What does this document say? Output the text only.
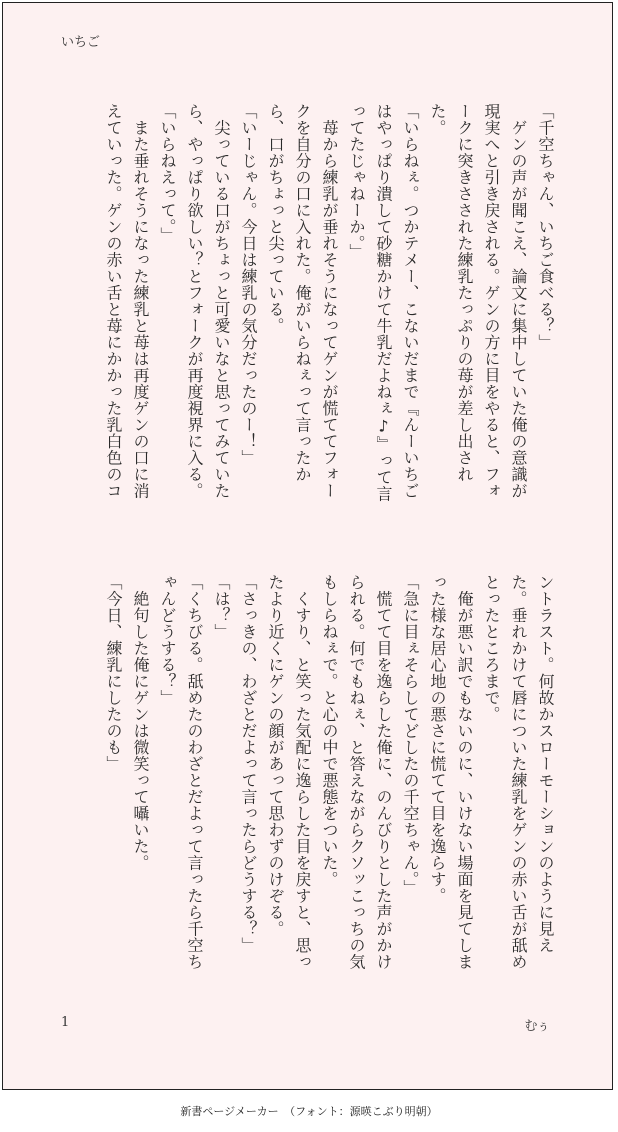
いちご

「千空ちゃん、いちご食べる？」

　ゲンの声が聞こえ、論文に集中していた俺の意識が現実へと引き戻される。ゲンの方に目をやると、フォークに突きさされた練乳たっぷりの苺が差し出された。

「いらねぇ。つかテメー、こないだまで『んーいちごはやっぱり潰して砂糖かけて牛乳だよねぇ♪』って言ってたじゃねーか。」

　苺から練乳が垂れそうになってゲンが慌ててフォークを自分の口に入れた。俺がいらねぇって言ったから、口がちょっと尖っている。

「いーじゃん。今日は練乳の気分だったのー！」

　尖っている口がちょっと可愛いなと思ってみていたら、やっぱり欲しい？とフォークが再度視界に入る。

「いらねえって。」

　また垂れそうになった練乳と苺は再度ゲンの口に消えていった。ゲンの赤い舌と苺にかかった乳白色のコ

ントラスト。何故かスローモーションのように見えた。垂れかけて唇についた練乳をゲンの赤い舌が舐めとったところまで。

　俺が悪い訳でもないのに、いけない場面を見てしまった様な居心地の悪さに慌てて目を逸らす。

「急に目ぇそらしてどしたの千空ちゃん。」

　慌てて目を逸らした俺に、のんびりとした声がかけられる。何でもねぇ、と答えながらクソッこっちの気もしらねぇで。と心の中で悪態をついた。

　くすり、と笑った気配に逸らした目を戻すと、思ったより近くにゲンの顔があって思わずのけぞる。

「さっきの、わざとだよって言ったらどうする？」

「は？」

「くちびる。舐めたのわざとだよって言ったら千空ちゃんどうする？」

　絶句した俺にゲンは微笑って囁いた。

「今日、練乳にしたのも」

1	むぅ
新書ページメーカー　（フォント：源暎こぶり明朝）
